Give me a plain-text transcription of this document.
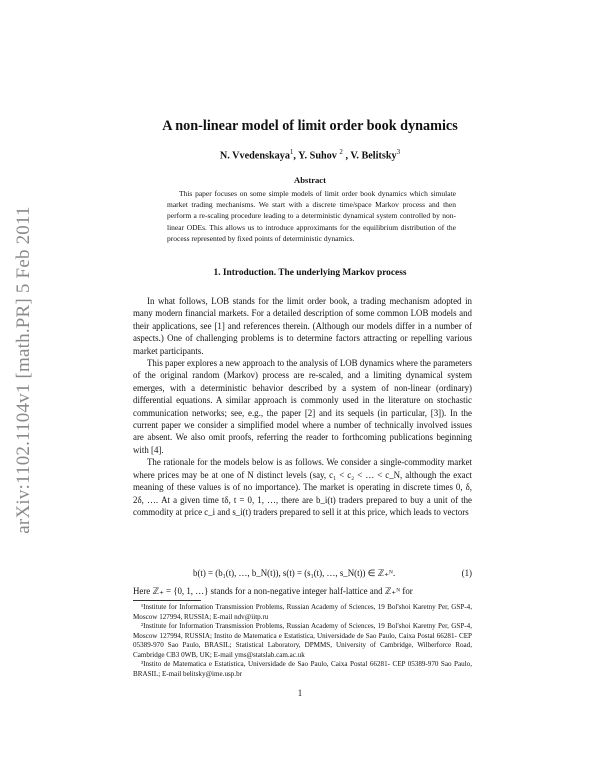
arXiv:1102.1104v1 [math.PR] 5 Feb 2011
A non-linear model of limit order book dynamics
N. Vvedenskaya$^1$, Y. Suhov $^2$ , V. Belitsky$^3$
Abstract
This paper focuses on some simple models of limit order book dynamics which simulate market trading mechanisms. We start with a discrete time/space Markov process and then perform a re-scaling procedure leading to a deterministic dynamical system controlled by non-linear ODEs. This allows us to introduce approximants for the equilibrium distribution of the process represented by fixed points of deterministic dynamics.
1. Introduction. The underlying Markov process

In what follows, LOB stands for the limit order book, a trading mechanism adopted in many modern financial markets. For a detailed description of some common LOB models and their applications, see [1] and references therein. (Although our models differ in a number of aspects.) One of challenging problems is to determine factors attracting or repelling various market participants.

This paper explores a new approach to the analysis of LOB dynamics where the parameters of the original random (Markov) process are re-scaled, and a limiting dynamical system emerges, with a deterministic behavior described by a system of non-linear (ordinary) differential equations. A similar approach is commonly used in the literature on stochastic communication networks; see, e.g., the paper [2] and its sequels (in particular, [3]). In the current paper we consider a simplified model where a number of technically involved issues are absent. We also omit proofs, referring the reader to forthcoming publications beginning with [4].

The rationale for the models below is as follows. We consider a single-commodity market where prices may be at one of N distinct levels (say, c₁ < c₂ < … < c_N, although the exact meaning of these values is of no importance). The market is operating in discrete times 0, δ, 2δ, …. At a given time tδ, t = 0, 1, …, there are b_i(t) traders prepared to buy a unit of the commodity at price c_i and s_i(t) traders prepared to sell it at this price, which leads to vectors

b(t) = (b₁(t), …, b_N(t)), s(t) = (s₁(t), …, s_N(t)) ∈ ℤ₊ᴺ.	(1)
Here ℤ₊ = {0, 1, …} stands for a non-negative integer half-lattice and ℤ₊ᴺ for

¹Institute for Information Transmission Problems, Russian Academy of Sciences, 19 Bol'shoi Karetny Per, GSP-4, Moscow 127994, RUSSIA; E-mail ndv@iitp.ru

²Institute for Information Transmission Problems, Russian Academy of Sciences, 19 Bol'shoi Karetny Per, GSP-4, Moscow 127994, RUSSIA; Instito de Matematica e Estatistica, Universidade de Sao Paulo, Caixa Postal 66281- CEP 05389-970 Sao Paulo, BRASIL; Statistical Laboratory, DPMMS, University of Cambridge, Wilberforce Road, Cambridge CB3 0WB, UK; E-mail yms@statslab.cam.ac.uk

³Instito de Matematica e Estatistica, Universidade de Sao Paulo, Caixa Postal 66281- CEP 05389-970 Sao Paulo, BRASIL; E-mail belitsky@ime.usp.br

1
